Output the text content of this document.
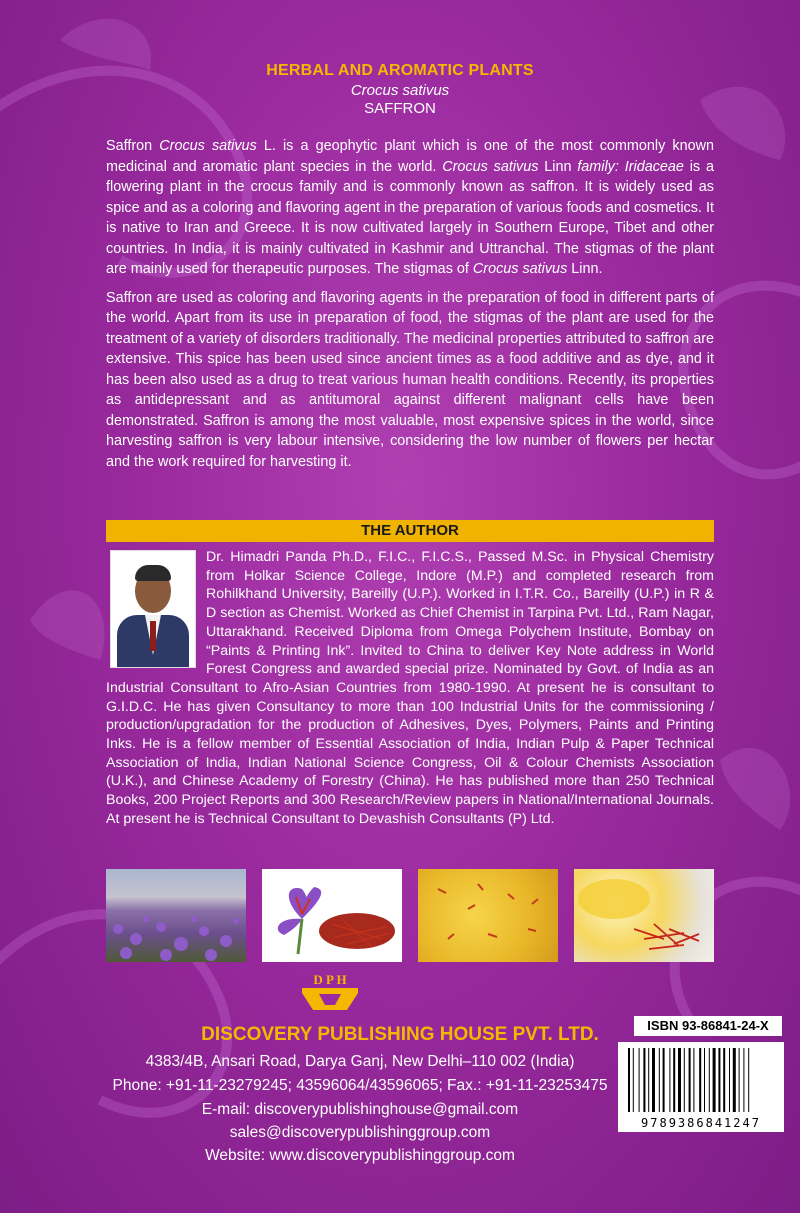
HERBAL AND AROMATIC PLANTS
Crocus sativus
SAFFRON

Saffron Crocus sativus L. is a geophytic plant which is one of the most commonly known medicinal and aromatic plant species in the world. Crocus sativus Linn family: Iridaceae is a flowering plant in the crocus family and is commonly known as saffron. It is widely used as spice and as a coloring and flavoring agent in the preparation of various foods and cosmetics. It is native to Iran and Greece. It is now cultivated largely in Southern Europe, Tibet and other countries. In India, it is mainly cultivated in Kashmir and Uttranchal. The stigmas of the plant are mainly used for therapeutic purposes. The stigmas of Crocus sativus Linn.

Saffron are used as coloring and flavoring agents in the preparation of food in different parts of the world. Apart from its use in preparation of food, the stigmas of the plant are used for the treatment of a variety of disorders traditionally. The medicinal properties attributed to saffron are extensive. This spice has been used since ancient times as a food additive and as dye, and it has been also used as a drug to treat various human health conditions. Recently, its properties as antidepressant and as antitumoral against different malignant cells have been demonstrated. Saffron is among the most valuable, most expensive spices in the world, since harvesting saffron is very labour intensive, considering the low number of flowers per hectar and the work required for harvesting it.

THE AUTHOR
Dr. Himadri Panda Ph.D., F.I.C., F.I.C.S., Passed M.Sc. in Physical Chemistry from Holkar Science College, Indore (M.P.) and completed research from Rohilkhand University, Bareilly (U.P.). Worked in I.T.R. Co., Bareilly (U.P.) in R & D section as Chemist. Worked as Chief Chemist in Tarpina Pvt. Ltd., Ram Nagar, Uttarakhand. Received Diploma from Omega Polychem Institute, Bombay on “Paints & Printing Ink”. Invited to China to deliver Key Note address in World Forest Congress and awarded special prize. Nominated by Govt. of India as an Industrial Consultant to Afro-Asian Countries from 1980-1990. At present he is consultant to G.I.D.C. He has given Consultancy to more than 100 Industrial Units for the commissioning / production/upgradation for the production of Adhesives, Dyes, Polymers, Paints and Printing Inks. He is a fellow member of Essential Association of India, Indian Pulp & Paper Technical Association of India, Indian National Science Congress, Oil & Colour Chemists Association (U.K.), and Chinese Academy of Forestry (China). He has published more than 250 Technical Books, 200 Project Reports and 300 Research/Review papers in National/International Journals. At present he is Technical Consultant to Devashish Consultants (P) Ltd.
D P H
DISCOVERY PUBLISHING HOUSE PVT. LTD.
4383/4B, Ansari Road, Darya Ganj, New Delhi–110 002 (India)
Phone: +91-11-23279245; 43596064/43596065; Fax.: +91-11-23253475
E-mail: discoverypublishinghouse@gmail.com
sales@discoverypublishinggroup.com
Website: www.discoverypublishinggroup.com
ISBN 93-86841-24-X
9789386841247
